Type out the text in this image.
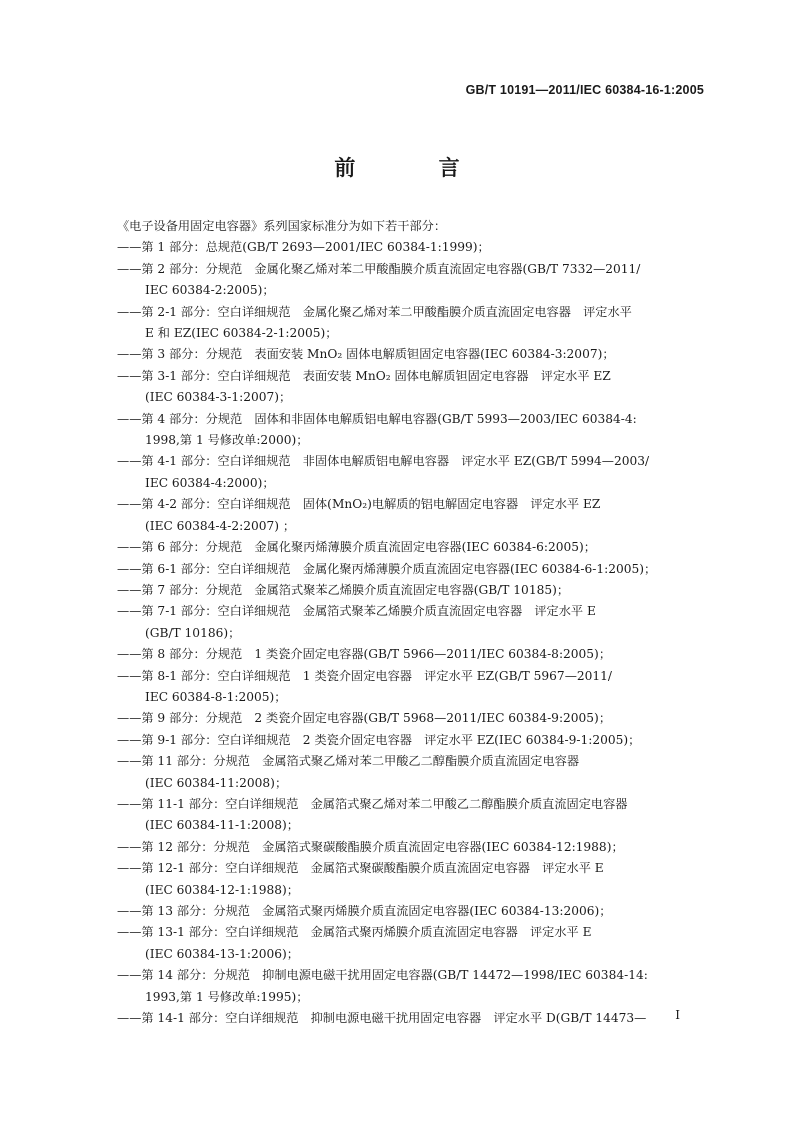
GB/T 10191—2011/IEC 60384-16-1:2005
前 言

《电子设备用固定电容器》系列国家标准分为如下若干部分：

——第 1 部分：总规范(GB/T 2693—2001/IEC 60384-1:1999)；

——第 2 部分：分规范　金属化聚乙烯对苯二甲酸酯膜介质直流固定电容器(GB/T 7332—2011/

IEC 60384-2:2005)；

——第 2-1 部分：空白详细规范　金属化聚乙烯对苯二甲酸酯膜介质直流固定电容器　评定水平

E 和 EZ(IEC 60384-2-1:2005)；

——第 3 部分：分规范　表面安装 MnO₂ 固体电解质钽固定电容器(IEC 60384-3:2007)；

——第 3-1 部分：空白详细规范　表面安装 MnO₂ 固体电解质钽固定电容器　评定水平 EZ

(IEC 60384-3-1:2007)；

——第 4 部分：分规范　固体和非固体电解质铝电解电容器(GB/T 5993—2003/IEC 60384-4:

1998,第 1 号修改单:2000)；

——第 4-1 部分：空白详细规范　非固体电解质铝电解电容器　评定水平 EZ(GB/T 5994—2003/

IEC 60384-4:2000)；

——第 4-2 部分：空白详细规范　固体(MnO₂)电解质的铝电解固定电容器　评定水平 EZ

(IEC 60384-4-2:2007) ；

——第 6 部分：分规范　金属化聚丙烯薄膜介质直流固定电容器(IEC 60384-6:2005)；

——第 6-1 部分：空白详细规范　金属化聚丙烯薄膜介质直流固定电容器(IEC 60384-6-1:2005)；

——第 7 部分：分规范　金属箔式聚苯乙烯膜介质直流固定电容器(GB/T 10185)；

——第 7-1 部分：空白详细规范　金属箔式聚苯乙烯膜介质直流固定电容器　评定水平 E

(GB/T 10186)；

——第 8 部分：分规范　1 类瓷介固定电容器(GB/T 5966—2011/IEC 60384-8:2005)；

——第 8-1 部分：空白详细规范　1 类瓷介固定电容器　评定水平 EZ(GB/T 5967—2011/

IEC 60384-8-1:2005)；

——第 9 部分：分规范　2 类瓷介固定电容器(GB/T 5968—2011/IEC 60384-9:2005)；

——第 9-1 部分：空白详细规范　2 类瓷介固定电容器　评定水平 EZ(IEC 60384-9-1:2005)；

——第 11 部分：分规范　金属箔式聚乙烯对苯二甲酸乙二醇酯膜介质直流固定电容器

(IEC 60384-11:2008)；

——第 11-1 部分：空白详细规范　金属箔式聚乙烯对苯二甲酸乙二醇酯膜介质直流固定电容器

(IEC 60384-11-1:2008)；

——第 12 部分：分规范　金属箔式聚碳酸酯膜介质直流固定电容器(IEC 60384-12:1988)；

——第 12-1 部分：空白详细规范　金属箔式聚碳酸酯膜介质直流固定电容器　评定水平 E

(IEC 60384-12-1:1988)；

——第 13 部分：分规范　金属箔式聚丙烯膜介质直流固定电容器(IEC 60384-13:2006)；

——第 13-1 部分：空白详细规范　金属箔式聚丙烯膜介质直流固定电容器　评定水平 E

(IEC 60384-13-1:2006)；

——第 14 部分：分规范　抑制电源电磁干扰用固定电容器(GB/T 14472—1998/IEC 60384-14:

1993,第 1 号修改单:1995)；

——第 14-1 部分：空白详细规范　抑制电源电磁干扰用固定电容器　评定水平 D(GB/T 14473—	I
